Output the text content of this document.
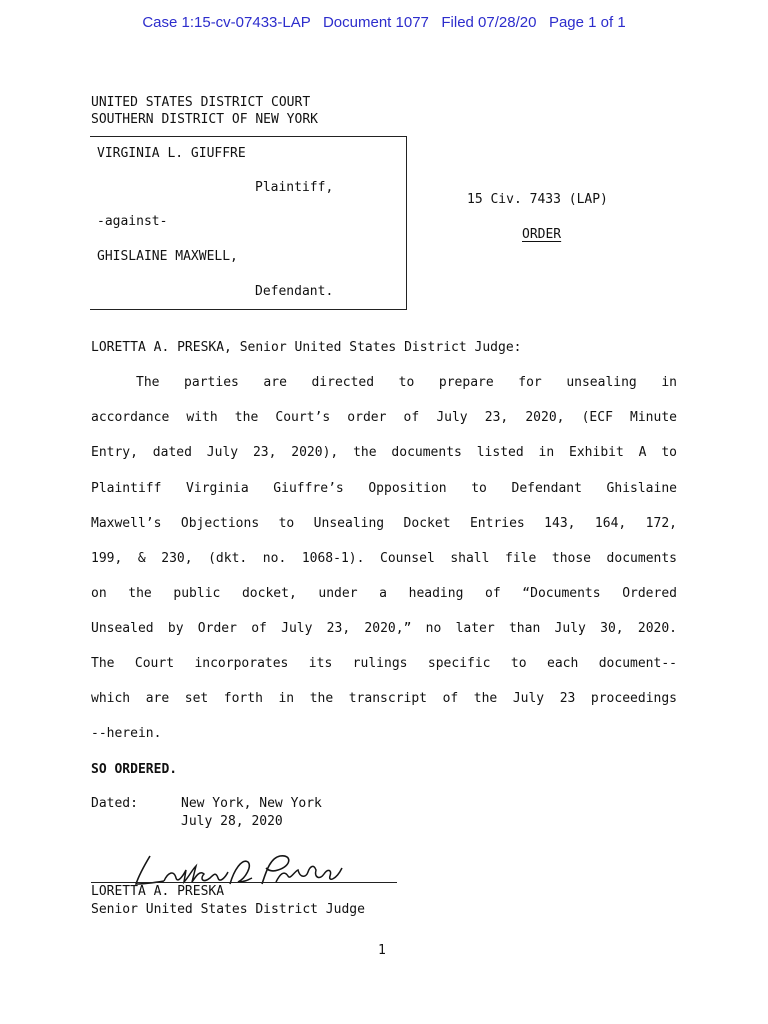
Case 1:15-cv-07433-LAP   Document 1077   Filed 07/28/20   Page 1 of 1
UNITED STATES DISTRICT COURT
SOUTHERN DISTRICT OF NEW YORK
VIRGINIA L. GIUFFRE
Plaintiff,
-against-
GHISLAINE MAXWELL,
Defendant.
15 Civ. 7433 (LAP)
ORDER
LORETTA A. PRESKA, Senior United States District Judge:
The parties are directed to prepare for unsealing in
accordance with the Court’s order of July 23, 2020, (ECF Minute
Entry, dated July 23, 2020), the documents listed in Exhibit A to
Plaintiff Virginia Giuffre’s Opposition to Defendant Ghislaine
Maxwell’s Objections to Unsealing Docket Entries 143, 164, 172,
199, & 230, (dkt. no. 1068-1). Counsel shall file those documents
on the public docket, under a heading of “Documents Ordered
Unsealed by Order of July 23, 2020,” no later than July 30, 2020.
The Court incorporates its rulings specific to each document--
which are set forth in the transcript of the July 23 proceedings
--herein.
SO ORDERED.
Dated:	New York, New York
July 28, 2020
LORETTA A. PRESKA
Senior United States District Judge
1
